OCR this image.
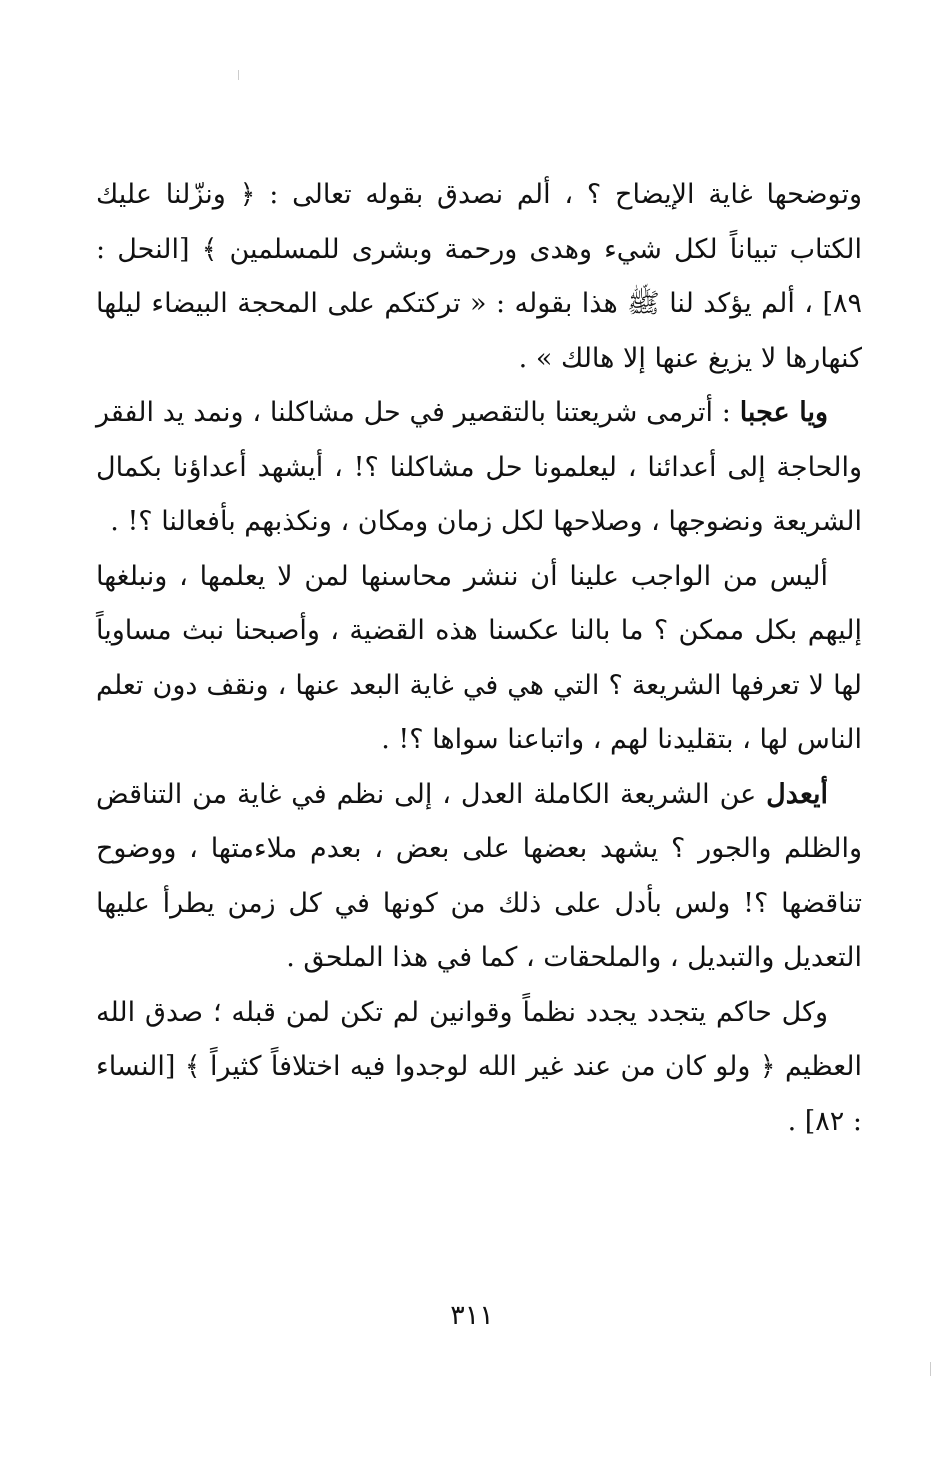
وتوضحها غاية الإيضاح ؟ ، ألم نصدق بقوله تعالى : ﴿ ونزّلنا عليك الكتاب تبياناً لكل شيء وهدى ورحمة وبشرى للمسلمين ﴾ [النحل : ٨٩] ، ألم يؤكد لنا ﷺ هذا بقوله : « تركتكم على المحجة البيضاء ليلها كنهارها لا يزيغ عنها إلا هالك » .

ويا عجبا : أترمى شريعتنا بالتقصير في حل مشاكلنا ، ونمد يد الفقر والحاجة إلى أعدائنا ، ليعلمونا حل مشاكلنا ؟! ، أيشهد أعداؤنا بكمال الشريعة ونضوجها ، وصلاحها لكل زمان ومكان ، ونكذبهم بأفعالنا ؟! .

أليس من الواجب علينا أن ننشر محاسنها لمن لا يعلمها ، ونبلغها إليهم بكل ممكن ؟ ما بالنا عكسنا هذه القضية ، وأصبحنا نبث مساوياً لها لا تعرفها الشريعة ؟ التي هي في غاية البعد عنها ، ونقف دون تعلم الناس لها ، بتقليدنا لهم ، واتباعنا سواها ؟! .

أيعدل عن الشريعة الكاملة العدل ، إلى نظم في غاية من التناقض والظلم والجور ؟ يشهد بعضها على بعض ، بعدم ملاءمتها ، ووضوح تناقضها ؟! ولس بأدل على ذلك من كونها في كل زمن يطرأ عليها التعديل والتبديل ، والملحقات ، كما في هذا الملحق .

وكل حاكم يتجدد يجدد نظماً وقوانين لم تكن لمن قبله ؛ صدق الله العظيم ﴿ ولو كان من عند غير الله لوجدوا فيه اختلافاً كثيراً ﴾ [النساء : ٨٢] .

٣١١
